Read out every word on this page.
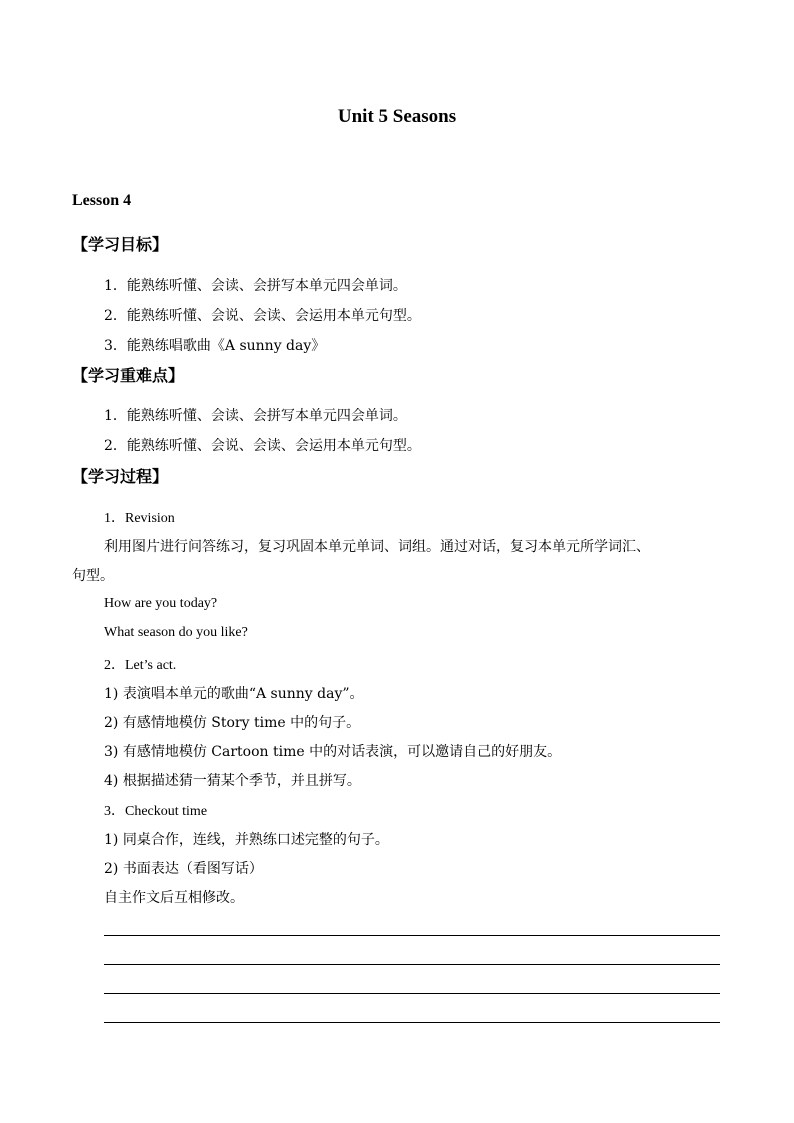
Unit 5 Seasons
Lesson 4
【学习目标】
1．能熟练听懂、会读、会拼写本单元四会单词。
2．能熟练听懂、会说、会读、会运用本单元句型。
3．能熟练唱歌曲《A sunny day》
【学习重难点】
1．能熟练听懂、会读、会拼写本单元四会单词。
2．能熟练听懂、会说、会读、会运用本单元句型。
【学习过程】
1．Revision
利用图片进行问答练习，复习巩固本单元单词、词组。通过对话，复习本单元所学词汇、
句型。
How are you today?
What season do you like?
2．Let’s act.
1) 表演唱本单元的歌曲“A sunny day”。
2) 有感情地模仿 Story time 中的句子。
3) 有感情地模仿 Cartoon time 中的对话表演，可以邀请自己的好朋友。
4) 根据描述猜一猜某个季节，并且拼写。
3．Checkout time
1) 同桌合作，连线，并熟练口述完整的句子。
2) 书面表达（看图写话）
自主作文后互相修改。
